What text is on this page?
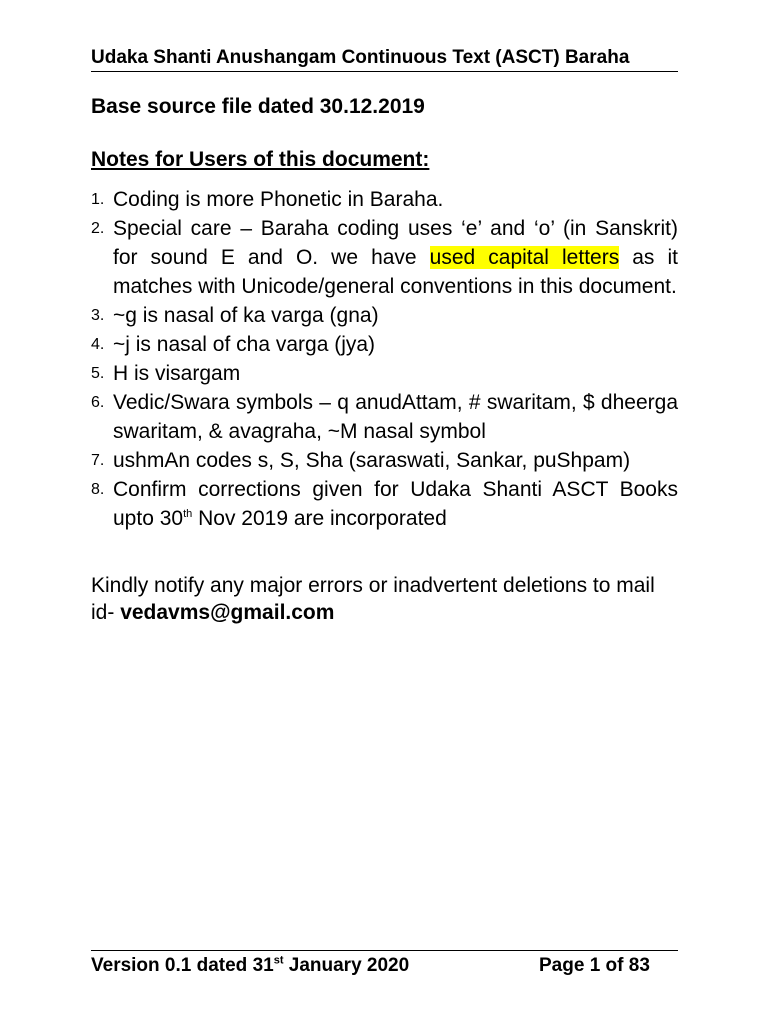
Udaka Shanti Anushangam Continuous Text (ASCT) Baraha
Base source file dated 30.12.2019
Notes for Users of this document:
1. Coding is more Phonetic in Baraha.
2. Special care – Baraha coding uses ‘e’ and ‘o’ (in Sanskrit) for sound E and O. we have used capital letters as it matches with Unicode/general conventions in this document.
3. ~g is nasal of ka varga (gna)
4. ~j is nasal of cha varga (jya)
5. H is visargam
6. Vedic/Swara symbols – q anudAttam, # swaritam, $ dheerga swaritam, & avagraha, ~M nasal symbol
7. ushmAn codes s, S, Sha (saraswati, Sankar, puShpam)
8. Confirm corrections given for Udaka Shanti ASCT Books upto 30th Nov 2019 are incorporated
Kindly notify any major errors or inadvertent deletions to mail id- vedavms@gmail.com
Version 0.1 dated 31st January 2020	Page 1 of 83
